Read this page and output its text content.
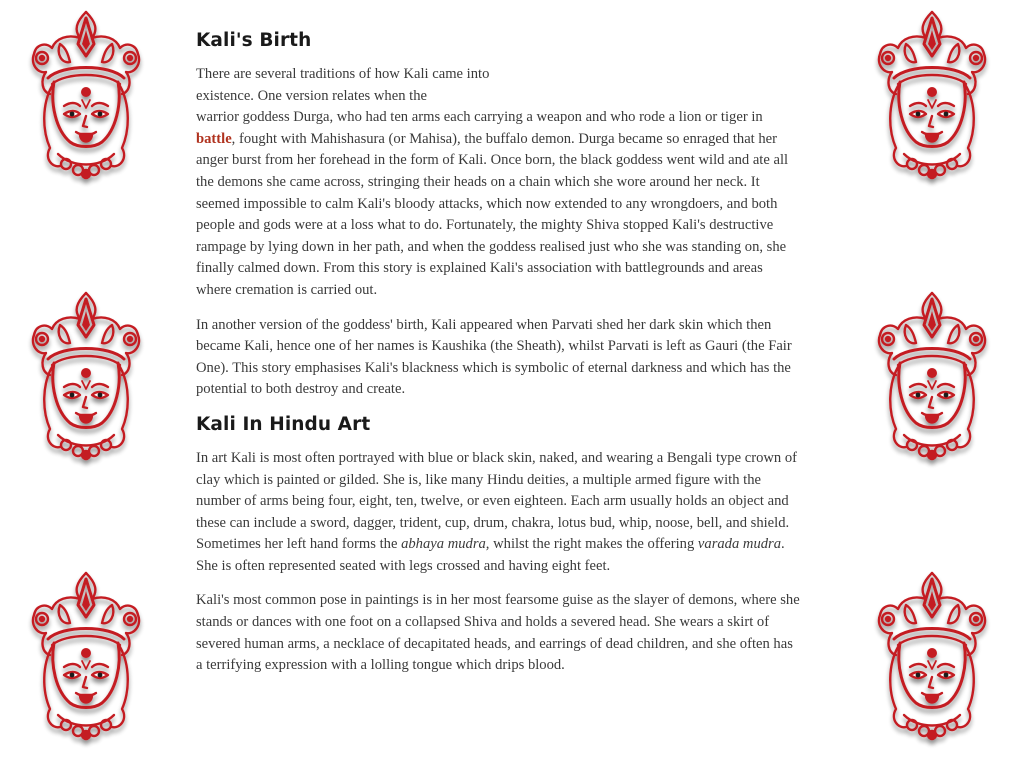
Kali's Birth

There are several traditions of how Kali came into existence. One version relates when the
warrior goddess Durga, who had ten arms each carrying a weapon and who rode a lion or tiger in battle, fought with Mahishasura (or Mahisa), the buffalo demon. Durga became so enraged that her anger burst from her forehead in the form of Kali. Once born, the black goddess went wild and ate all the demons she came across, stringing their heads on a chain which she wore around her neck. It seemed impossible to calm Kali's bloody attacks, which now extended to any wrongdoers, and both people and gods were at a loss what to do. Fortunately, the mighty Shiva stopped Kali's destructive rampage by lying down in her path, and when the goddess realised just who she was standing on, she finally calmed down. From this story is explained Kali's association with battlegrounds and areas where cremation is carried out.

In another version of the goddess' birth, Kali appeared when Parvati shed her dark skin which then became Kali, hence one of her names is Kaushika (the Sheath), whilst Parvati is left as Gauri (the Fair One). This story emphasises Kali's blackness which is symbolic of eternal darkness and which has the potential to both destroy and create.

Kali In Hindu Art

In art Kali is most often portrayed with blue or black skin, naked, and wearing a Bengali type crown of clay which is painted or gilded. She is, like many Hindu deities, a multiple armed figure with the number of arms being four, eight, ten, twelve, or even eighteen. Each arm usually holds an object and these can include a sword, dagger, trident, cup, drum, chakra, lotus bud, whip, noose, bell, and shield. Sometimes her left hand forms the abhaya mudra, whilst the right makes the offering varada mudra. She is often represented seated with legs crossed and having eight feet.

Kali's most common pose in paintings is in her most fearsome guise as the slayer of demons, where she stands or dances with one foot on a collapsed Shiva and holds a severed head. She wears a skirt of severed human arms, a necklace of decapitated heads, and earrings of dead children, and she often has a terrifying expression with a lolling tongue which drips blood.
